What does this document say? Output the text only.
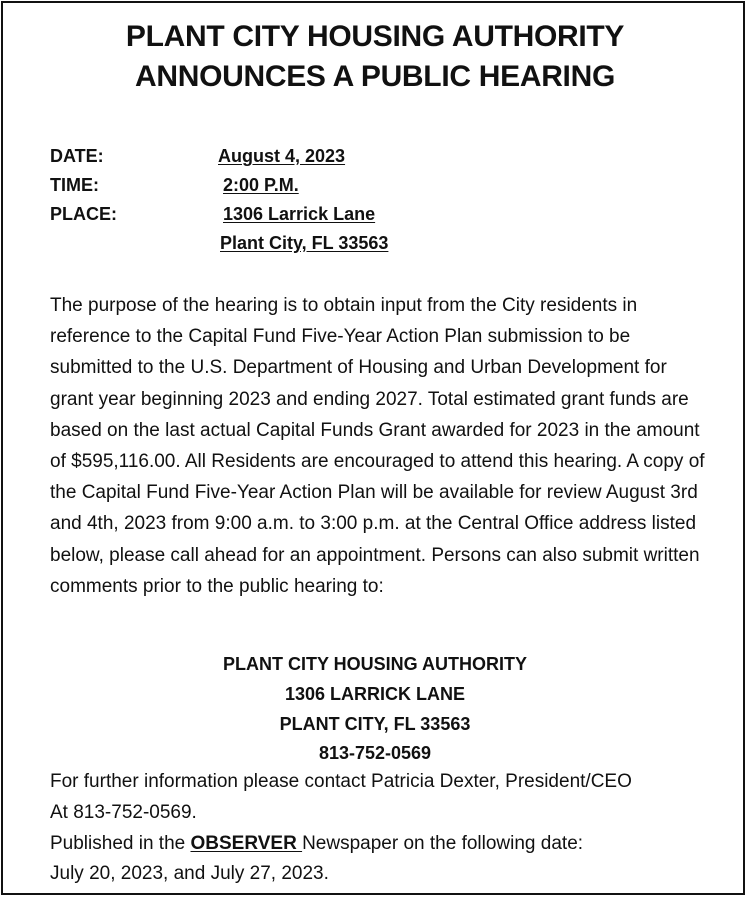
PLANT CITY HOUSING AUTHORITY
ANNOUNCES A PUBLIC HEARING
DATE:	August 4, 2023
TIME:	2:00 P.M.
PLACE:	1306 Larrick Lane
Plant City, FL 33563

The purpose of the hearing is to obtain input from the City residents in reference to the Capital Fund Five-Year Action Plan submission to be submitted to the U.S. Department of Housing and Urban Development for grant year beginning 2023 and ending 2027. Total estimated grant funds are based on the last actual Capital Funds Grant awarded for 2023 in the amount of $595,116.00. All Residents are encouraged to attend this hearing. A copy of the Capital Fund Five-Year Action Plan will be available for review August 3rd and 4th, 2023 from 9:00 a.m. to 3:00 p.m. at the Central Office address listed below, please call ahead for an appointment. Persons can also submit written comments prior to the public hearing to:

PLANT CITY HOUSING AUTHORITY

1306 LARRICK LANE

PLANT CITY, FL 33563

813-752-0569

For further information please contact Patricia Dexter, President/CEO

At 813-752-0569.

Published in the OBSERVER Newspaper on the following date:

July 20, 2023, and July 27, 2023.
